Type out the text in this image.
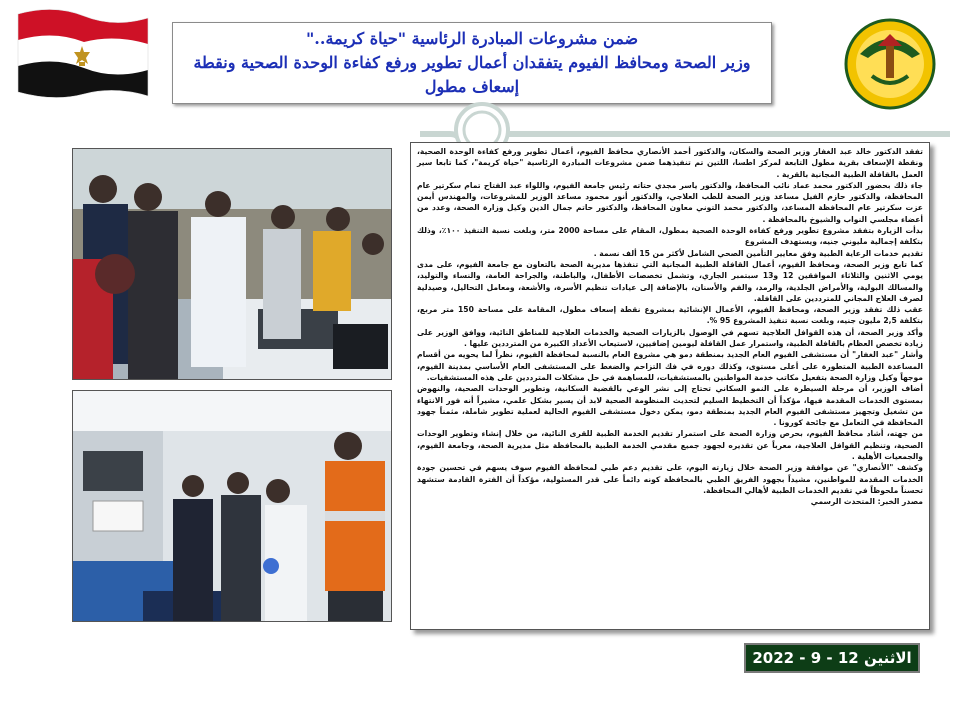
ضمن مشروعات المبادرة الرئاسية "حياة كريمة.."
وزير الصحة ومحافظ الفيوم يتفقدان أعمال تطوير ورفع كفاءة الوحدة الصحية ونقطة
إسعاف مطول

تفقد الدكتور خالد عبد الغفار وزير الصحة والسكان، والدكتور أحمد الأنصاري محافظ الفيوم، أعمال تطوير ورفع كفاءة الوحدة الصحية، ونقطة الإسعاف بقرية مطول التابعة لمركز اطسا، اللتين تم تنفيذهما ضمن مشروعات المبادرة الرئاسية "حياة كريمة"، كما تابعا سير العمل بالقافلة الطبية المجانية بالقرية .

جاء ذلك بحضور الدكتور محمد عماد نائب المحافظ، والدكتور ياسر مجدي حتاته رئيس جامعة الفيوم، واللواء عبد الفتاح تمام سكرتير عام المحافظة، والدكتور حازم الفيل مساعد وزير الصحة للطب العلاجي، والدكتور أنور محمود مساعد الوزير للمشروعات، والمهندس أيمن عزت سكرتير عام المحافظة المساعد، والدكتور محمد التوني معاون المحافظ، والدكتور حاتم جمال الدين وكيل وزارة الصحة، وعدد من أعضاء مجلسي النواب والشيوخ بالمحافظة .

بدأت الزيارة بتفقد مشروع تطوير ورفع كفاءة الوحدة الصحية بمطول، المقام على مساحة 2000 متر، وبلغت نسبة التنفيذ ١٠٠٪، وذلك بتكلفة إجمالية مليوني جنيه، ويستهدف المشروع

تقديم خدمات الرعاية الطبية وفق معايير التأمين الصحي الشامل لأكثر من 15 ألف نسمة .

كما تابع وزير الصحة، ومحافظ الفيوم، أعمال القافلة الطبية المجانية التي تنفذها مديرية الصحة بالتعاون مع جامعة الفيوم، على مدى يومي الاثنين والثلاثاء الموافقين 12 و13 سبتمبر الجاري، وتشمل تخصصات الأطفال، والباطنة، والجراحة العامة، والنساء والتوليد، والمسالك البولية، والأمراض الجلدية، والرمد، والفم والأسنان، بالإضافة إلى عيادات تنظيم الأسرة، والأشعة، ومعامل التحاليل، وصيدلية لصرف العلاج المجاني للمترددين على القافلة.

عقب ذلك تفقد وزير الصحة، ومحافظ الفيوم، الأعمال الإنشائية بمشروع نقطة إسعاف مطول، المقامة على مساحة 150 متر مربع، بتكلفة 2,5 مليون جنيه، وبلغت نسبة تنفيذ المشروع 95 %.

وأكد وزير الصحة، أن هذه القوافل العلاجية تسهم في الوصول بالزيارات الصحية والخدمات العلاجية للمناطق النائية، ووافق الوزير على زيادة تخصص العظام بالقافلة الطبية، واستمرار عمل القافلة ليومين إضافيين، لاستيعاب الأعداد الكبيرة من المترددين عليها .

وأشار "عبد الغفار" أن مستشفى الفيوم العام الجديد بمنطقة دمو هي مشروع العام بالنسبة لمحافظة الفيوم، نظراً لما يحويه من أقسام المساعدة الطبية المتطورة على أعلى مستوى، وكذلك دوره في فك التزاحم والضغط على المستشفى العام الأساسي بمدينة الفيوم، موجهاً وكيل وزارة الصحة بتفعيل مكاتب خدمة المواطنين بالمستشفيات، للمساهمة في حل مشكلات المترددين على هذه المستشفيات.

أضاف الوزير، أن مرحلة السيطرة على النمو السكاني تحتاج إلى نشر الوعي بالقضية السكانية، وتطوير الوحدات الصحية، والنهوض بمستوى الخدمات المقدمة فيها، مؤكداً أن التخطيط السليم لتحديث المنظومة الصحية لابد أن يسير بشكل علمي، مشيراً أنه فور الانتهاء من تشغيل وتجهيز مستشفى الفيوم العام الجديد بمنطقة دمو، يمكن دخول مستشفى الفيوم الحالية لعملية تطوير شاملة، مثمناً جهود المحافظة في التعامل مع جائحة كورونا .

من جهته، أشاد محافظ الفيوم، بحرص وزارة الصحة على استمرار تقديم الخدمة الطبية للقرى النائية، من خلال إنشاء وتطوير الوحدات الصحية، وتنظيم القوافل العلاجية، معرباً عن تقديره لجهود جميع مقدمي الخدمة الطبية بالمحافظة مثل مديرية الصحة، وجامعة الفيوم، والجمعيات الأهلية .

وكشف "الأنصاري" عن موافقة وزير الصحة خلال زيارته اليوم، على تقديم دعم طبي لمحافظة الفيوم سوف يسهم في تحسين جودة الخدمات المقدمة للمواطنين، مشيداً بجهود الفريق الطبي بالمحافظة كونه دائماً على قدر المسئولية، مؤكداً أن الفترة القادمة ستشهد تحسناً ملحوظاً في تقديم الخدمات الطبية لأهالي المحافظة.

مصدر الخبر: المتحدث الرسمي

الاثنين 12 - 9 - 2022
